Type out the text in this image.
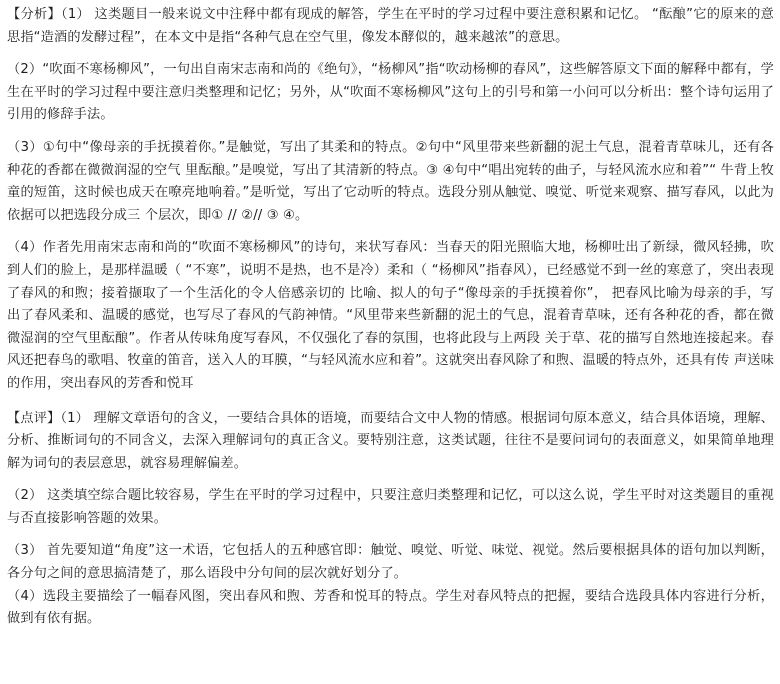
【分析】（1） 这类题目一般来说文中注释中都有现成的解答，学生在平时的学习过程中要注意积累和记忆。 “酝酿”它的原来的意思指“造酒的发酵过程”，在本文中是指“各种气息在空气里，像发本酵似的，越来越浓”的意思。

（2）“吹面不寒杨柳风”，一句出自南宋志南和尚的《绝句》，“杨柳风”指“吹动杨柳的春风”，这些解答原文下面的解释中都有，学生在平时的学习过程中要注意归类整理和记忆；另外，从“吹面不寒杨柳风”这句上的引号和第一小问可以分析出：整个诗句运用了引用的修辞手法。

（3）①句中“像母亲的手抚摸着你。”是触觉，写出了其柔和的特点。②句中“风里带来些新翻的泥土气息，混着青草味儿，还有各种花的香都在微微润湿的空气 里酝酿。”是嗅觉，写出了其清新的特点。③ ④句中“唱出宛转的曲子，与轻风流水应和着”“ 牛背上牧童的短笛，这时候也成天在嘹亮地响着。”是听觉，写出了它动听的特点。选段分别从触觉、嗅觉、听觉来观察、描写春风，以此为依据可以把选段分成三 个层次，即① // ②// ③ ④。

（4）作者先用南宋志南和尚的“吹面不寒杨柳风”的诗句，来状写春风：当春天的阳光照临大地，杨柳吐出了新绿，微风轻拂，吹到人们的脸上，是那样温暖（ “不寒”，说明不是热，也不是冷）柔和（ “杨柳风”指春风），已经感觉不到一丝的寒意了，突出表现了春风的和煦；接着撷取了一个生活化的令人倍感亲切的 比喻、拟人的句子“像母亲的手抚摸着你”， 把春风比喻为母亲的手，写出了春风柔和、温暖的感觉，也写尽了春风的气韵神情。“风里带来些新翻的泥土的气息，混着青草味，还有各种花的香，都在微微湿润的空气里酝酿”。作者从传味角度写春风，不仅强化了春的氛围，也将此段与上两段 关于草、花的描写自然地连接起来。春风还把春鸟的歌唱、牧童的笛音，送入人的耳膜，“与轻风流水应和着”。这就突出春风除了和煦、温暖的特点外，还具有传 声送味的作用，突出春风的芳香和悦耳

【点评】（1） 理解文章语句的含义，一要结合具体的语境，而要结合文中人物的情感。根据词句原本意义，结合具体语境，理解、分析、推断词句的不同含义，去深入理解词句的真正含义。要特别注意，这类试题，往往不是要问词句的表面意义，如果简单地理解为词句的表层意思，就容易理解偏差。

（2） 这类填空综合题比较容易，学生在平时的学习过程中，只要注意归类整理和记忆，可以这么说，学生平时对这类题目的重视与否直接影响答题的效果。

（3） 首先要知道“角度”这一术语，它包括人的五种感官即：触觉、嗅觉、听觉、味觉、视觉。然后要根据具体的语句加以判断，各分句之间的意思搞清楚了，那么语段中分句间的层次就好划分了。

（4）选段主要描绘了一幅春风图，突出春风和煦、芳香和悦耳的特点。学生对春风特点的把握，要结合选段具体内容进行分析，做到有依有据。
